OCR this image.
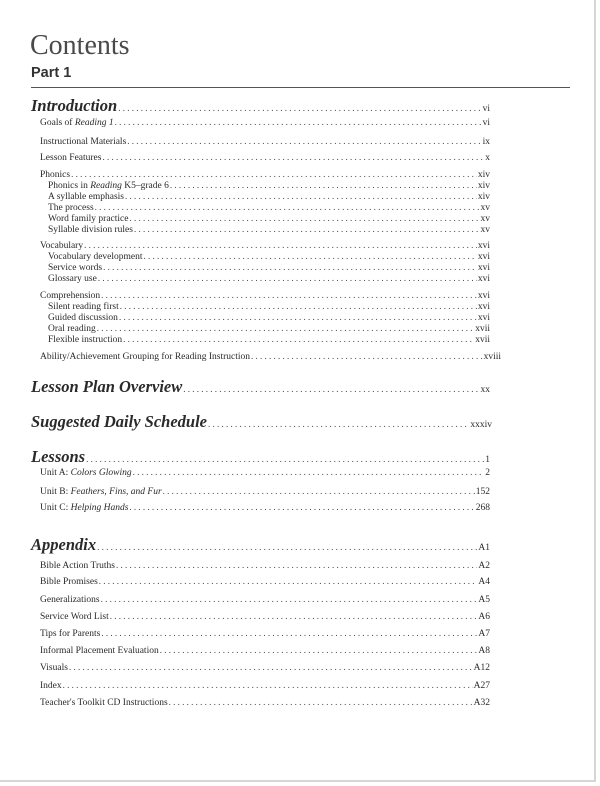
Contents
Part 1
Introduction . . .	vi
Goals of Reading 1 . . .	vi
Instructional Materials . . .	ix
Lesson Features . . .	x
Phonics . . .	xiv
Phonics in Reading K5–grade 6 . . .	xiv
A syllable emphasis . . .	xiv
The process . . .	xv
Word family practice . . .	xv
Syllable division rules . . .	xv
Vocabulary . . .	xvi
Vocabulary development . . .	xvi
Service words . . .	xvi
Glossary use . . .	xvi
Comprehension . . .	xvi
Silent reading first . . .	xvi
Guided discussion . . .	xvi
Oral reading . . .	xvii
Flexible instruction . . .	xvii
Ability/Achievement Grouping for Reading Instruction . . .	xviii
Lesson Plan Overview . . .	xx
Suggested Daily Schedule . . .	xxxiv
Lessons . . .	1
Unit A: Colors Glowing . . .	2
Unit B: Feathers, Fins, and Fur . . .	152
Unit C: Helping Hands . . .	268
Appendix . . .	A1
Bible Action Truths . . .	A2
Bible Promises . . .	A4
Generalizations . . .	A5
Service Word List . . .	A6
Tips for Parents . . .	A7
Informal Placement Evaluation . . .	A8
Visuals . . .	A12
Index . . .	A27
Teacher's Toolkit CD Instructions . . .	A32
